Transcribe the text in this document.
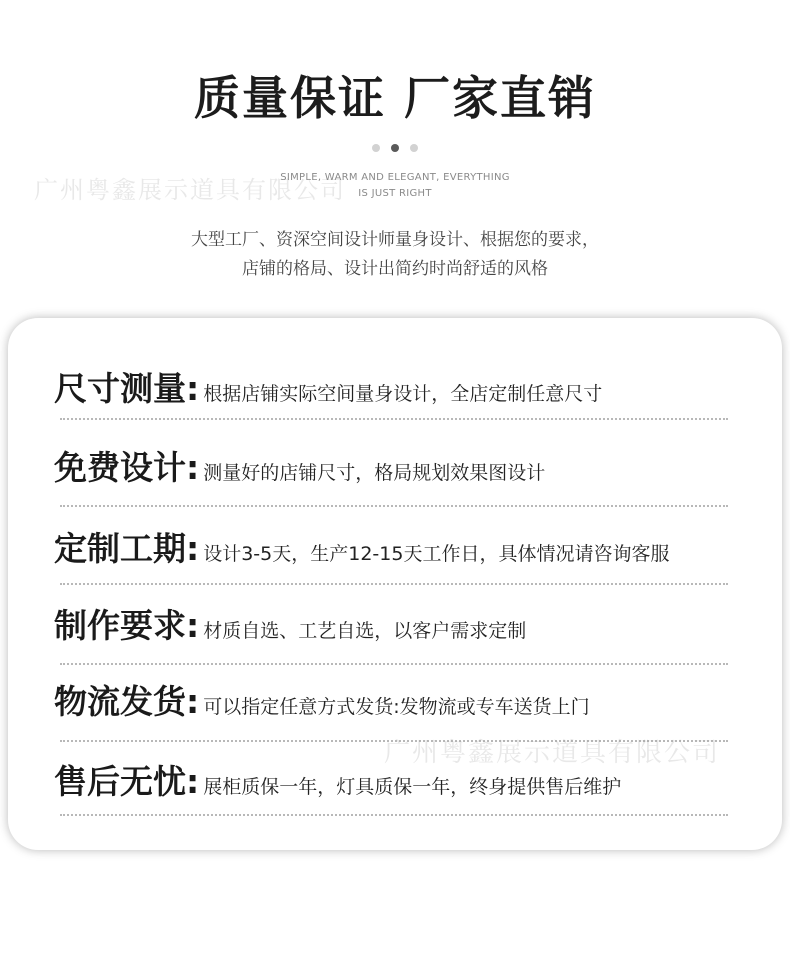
广州粤鑫展示道具有限公司
质量保证 厂家直销
SIMPLE, WARM AND ELEGANT, EVERYTHING
IS JUST RIGHT
大型工厂、资深空间设计师量身设计、根据您的要求，
店铺的格局、设计出简约时尚舒适的风格
尺寸测量: 根据店铺实际空间量身设计，全店定制任意尺寸
免费设计: 测量好的店铺尺寸，格局规划效果图设计
定制工期: 设计3-5天，生产12-15天工作日，具体情况请咨询客服
制作要求: 材质自选、工艺自选，以客户需求定制
物流发货: 可以指定任意方式发货:发物流或专车送货上门
售后无忧: 展柜质保一年，灯具质保一年，终身提供售后维护
广州粤鑫展示道具有限公司
